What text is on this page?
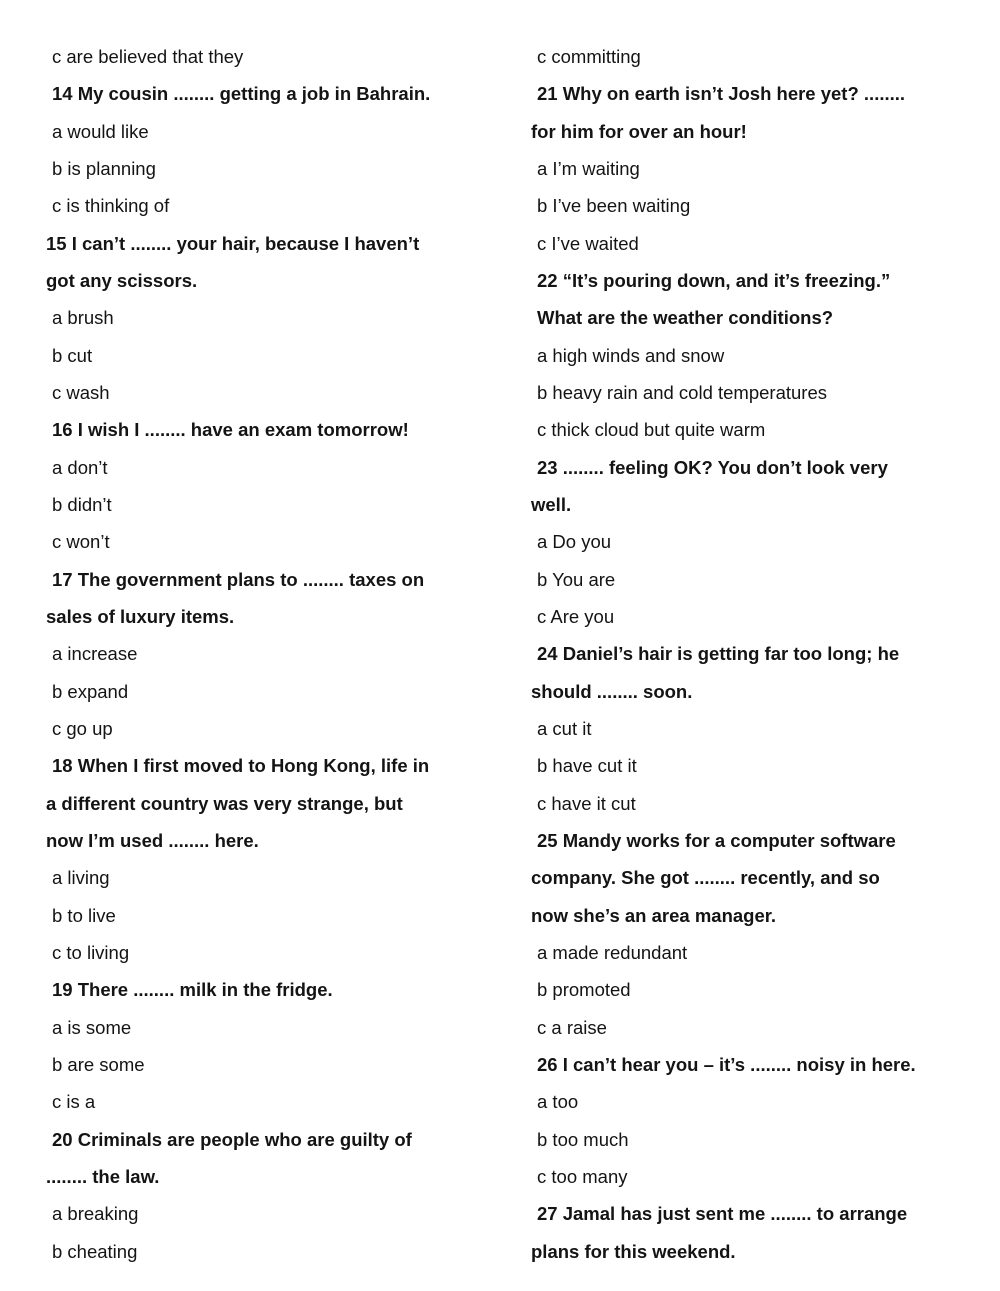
c are believed that they
14 My cousin ........ getting a job in Bahrain.
a would like
b is planning
c is thinking of
15 I can’t ........ your hair, because I haven’t
got any scissors.
a brush
b cut
c wash
16 I wish I ........ have an exam tomorrow!
a don’t
b didn’t
c won’t
17 The government plans to ........ taxes on
sales of luxury items.
a increase
b expand
c go up
18 When I first moved to Hong Kong, life in
a different country was very strange, but
now I’m used ........ here.
a living
b to live
c to living
19 There ........ milk in the fridge.
a is some
b are some
c is a
20 Criminals are people who are guilty of
........ the law.
a breaking
b cheating
c committing
21 Why on earth isn’t Josh here yet? ........
for him for over an hour!
a I’m waiting
b I’ve been waiting
c I’ve waited
22 “It’s pouring down, and it’s freezing.”
What are the weather conditions?
a high winds and snow
b heavy rain and cold temperatures
c thick cloud but quite warm
23 ........ feeling OK? You don’t look very
well.
a Do you
b You are
c Are you
24 Daniel’s hair is getting far too long; he
should ........ soon.
a cut it
b have cut it
c have it cut
25 Mandy works for a computer software
company. She got ........ recently, and so
now she’s an area manager.
a made redundant
b promoted
c a raise
26 I can’t hear you – it’s ........ noisy in here.
a too
b too much
c too many
27 Jamal has just sent me ........ to arrange
plans for this weekend.
